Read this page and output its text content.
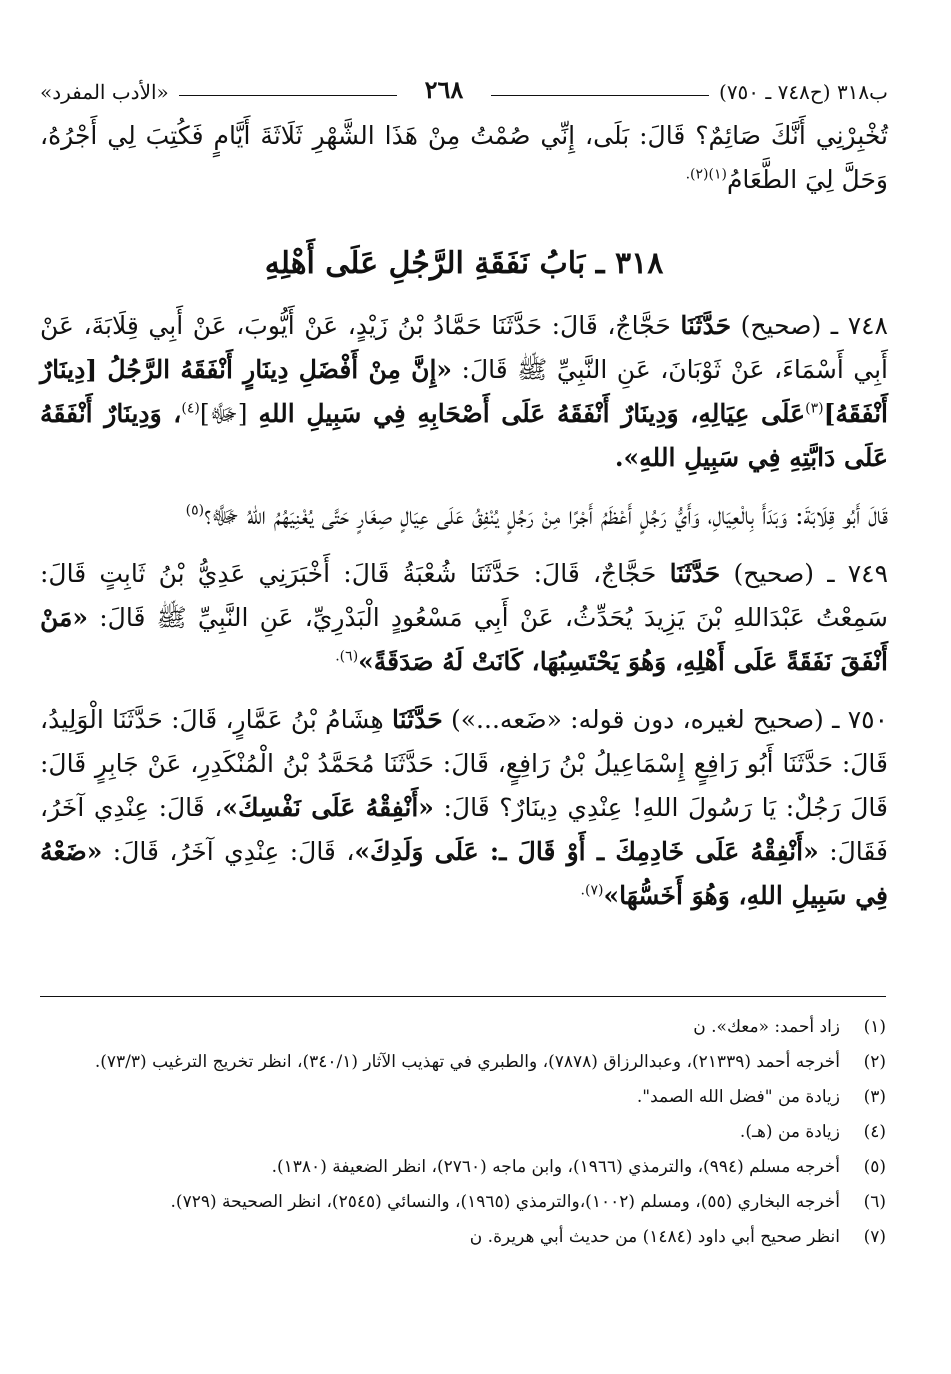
ب٣١٨ (ح٧٤٨ ـ ٧٥٠)
٢٦٨
«الأدب المفرد»

تُخْبِرْنِي أَنَّكَ صَائِمٌ؟ قَالَ: بَلَى، إِنِّي صُمْتُ مِنْ هَذَا الشَّهْرِ ثَلَاثَةَ أَيَّامٍ فَكُتِبَ لِي أَجْرُهُ، وَحَلَّ لِيَ الطَّعَامُ$^{(١)(٢).}$

٣١٨ ـ بَابُ نَفَقَةِ الرَّجُلِ عَلَى أَهْلِهِ

٧٤٨ ـ (صحيح) حَدَّثَنَا حَجَّاجٌ، قَالَ: حَدَّثَنَا حَمَّادُ بْنُ زَيْدٍ، عَنْ أَيُّوبَ، عَنْ أَبِي قِلَابَةَ، عَنْ أَبِي أَسْمَاءَ، عَنْ ثَوْبَانَ، عَنِ النَّبِيِّ ﷺ قَالَ: «إِنَّ مِنْ أَفْضَلِ دِينَارٍ أَنْفَقَهُ الرَّجُلُ [دِينَارٌ أَنْفَقَهُ]$^{(٣)}$عَلَى عِيَالِهِ، وَدِينَارٌ أَنْفَقَهُ عَلَى أَصْحَابِهِ فِي سَبِيلِ اللهِ [ﷻ]$^{(٤)}$، وَدِينَارٌ أَنْفَقَهُ عَلَى دَابَّتِهِ فِي سَبِيلِ اللهِ».

قَالَ أَبُو قِلَابَةَ: وَبَدَأَ بِالْعِيَالِ، وَأَيُّ رَجُلٍ أَعْظَمُ أَجْرًا مِنْ رَجُلٍ يُنْفِقُ عَلَى عِيَالٍ صِغَارٍ حَتَّى يُغْنِيَهُمُ اللهُ ﷻ؟$^{(٥)}$

٧٤٩ ـ (صحيح) حَدَّثَنَا حَجَّاجٌ، قَالَ: حَدَّثَنَا شُعْبَةُ قَالَ: أَخْبَرَنِي عَدِيُّ بْنُ ثَابِتٍ قَالَ: سَمِعْتُ عَبْدَاللهِ بْنَ يَزِيدَ يُحَدِّثُ، عَنْ أَبِي مَسْعُودٍ الْبَدْرِيِّ، عَنِ النَّبِيِّ ﷺ قَالَ: «مَنْ أَنْفَقَ نَفَقَةً عَلَى أَهْلِهِ، وَهُوَ يَحْتَسِبُهَا، كَانَتْ لَهُ صَدَقَةً»$^{(٦).}$

٧٥٠ ـ (صحيح لغيره، دون قوله: «ضَعه...») حَدَّثَنَا هِشَامُ بْنُ عَمَّارٍ، قَالَ: حَدَّثَنَا الْوَلِيدُ، قَالَ: حَدَّثَنَا أَبُو رَافِعٍ إِسْمَاعِيلُ بْنُ رَافِعٍ، قَالَ: حَدَّثَنَا مُحَمَّدُ بْنُ الْمُنْكَدِرِ، عَنْ جَابِرٍ قَالَ: قَالَ رَجُلٌ: يَا رَسُولَ اللهِ! عِنْدِي دِينَارٌ؟ قَالَ: «أَنْفِقْهُ عَلَى نَفْسِكَ»، قَالَ: عِنْدِي آخَرُ، فَقَالَ: «أَنْفِقْهُ عَلَى خَادِمِكَ ـ أَوْ قَالَ ـ: عَلَى وَلَدِكَ»، قَالَ: عِنْدِي آخَرُ، قَالَ: «ضَعْهُ فِي سَبِيلِ اللهِ، وَهُوَ أَخَسُّهَا»$^{(٧).}$

(١)
زاد أحمد: «معك». ن
(٢)
أخرجه أحمد (٢١٣٣٩)، وعبدالرزاق (٧٨٧٨)، والطبري في تهذيب الآثار (٣٤٠/١)، انظر تخريج الترغيب (٧٣/٣).
(٣)
زيادة من "فضل الله الصمد".
(٤)
زيادة من (هـ).
(٥)
أخرجه مسلم (٩٩٤)، والترمذي (١٩٦٦)، وابن ماجه (٢٧٦٠)، انظر الضعيفة (١٣٨٠).
(٦)
أخرجه البخاري (٥٥)، ومسلم (١٠٠٢)،والترمذي (١٩٦٥)، والنسائي (٢٥٤٥)، انظر الصحيحة (٧٢٩).
(٧)
انظر صحيح أبي داود (١٤٨٤) من حديث أبي هريرة. ن
